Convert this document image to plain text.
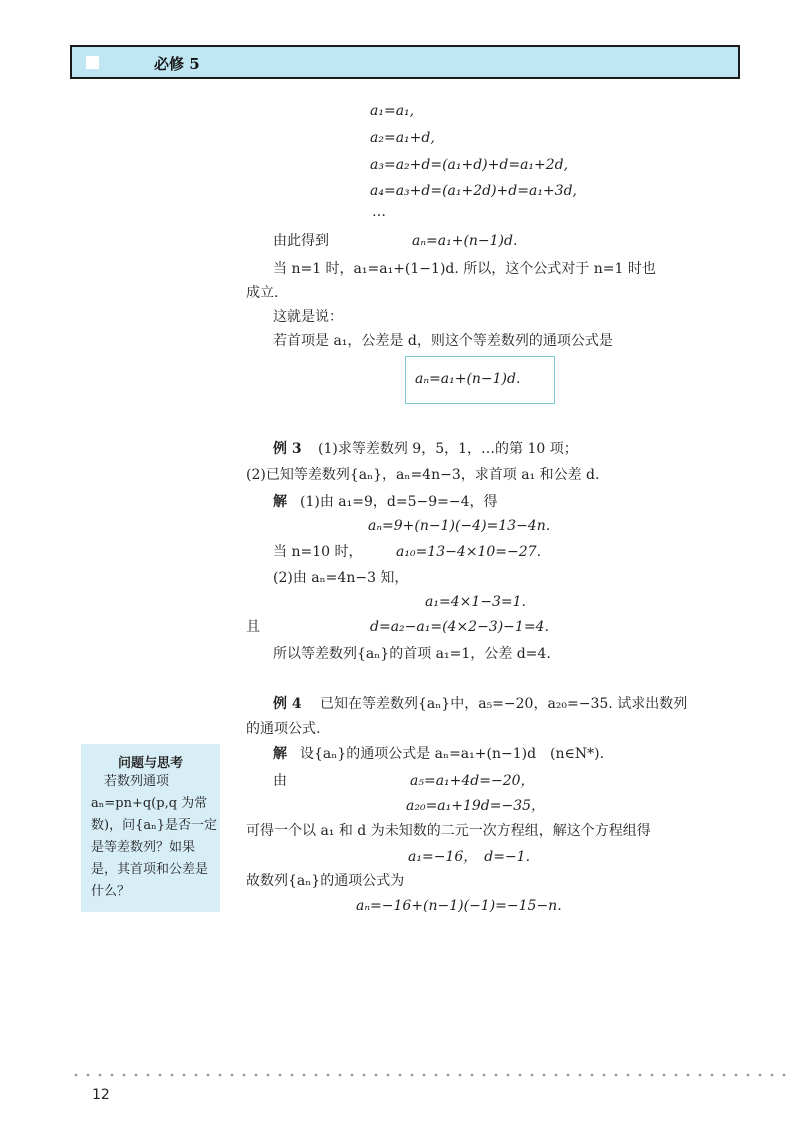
必修 5
a₁=a₁,
a₂=a₁+d,
a₃=a₂+d=(a₁+d)+d=a₁+2d,
a₄=a₃+d=(a₁+2d)+d=a₁+3d,
…
由此得到	aₙ=a₁+(n−1)d.
当 n=1 时，a₁=a₁+(1−1)d. 所以，这个公式对于 n=1 时也
成立.
这就是说：
若首项是 a₁，公差是 d，则这个等差数列的通项公式是
aₙ=a₁+(n−1)d.
例 3 (1)求等差数列 9，5，1，…的第 10 项；
(2)已知等差数列{aₙ}，aₙ=4n−3，求首项 a₁ 和公差 d.
解 (1)由 a₁=9，d=5−9=−4，得
aₙ=9+(n−1)(−4)=13−4n.
当 n=10 时， a₁₀=13−4×10=−27.
(2)由 aₙ=4n−3 知，
a₁=4×1−3=1.
且	d=a₂−a₁=(4×2−3)−1=4.
所以等差数列{aₙ}的首项 a₁=1，公差 d=4.
例 4 已知在等差数列{aₙ}中，a₅=−20，a₂₀=−35. 试求出数列
的通项公式.
解 设{aₙ}的通项公式是 aₙ=a₁+(n−1)d　(n∈N*).
由	a₅=a₁+4d=−20，
a₂₀=a₁+19d=−35，
可得一个以 a₁ 和 d 为未知数的二元一次方程组，解这个方程组得
a₁=−16，　d=−1.
故数列{aₙ}的通项公式为
aₙ=−16+(n−1)(−1)=−15−n.
问题与思考
　若数列通项
aₙ=pn+q(p,q 为常
数)，问{aₙ}是否一定
是等差数列？如果
是，其首项和公差是
什么？
12
